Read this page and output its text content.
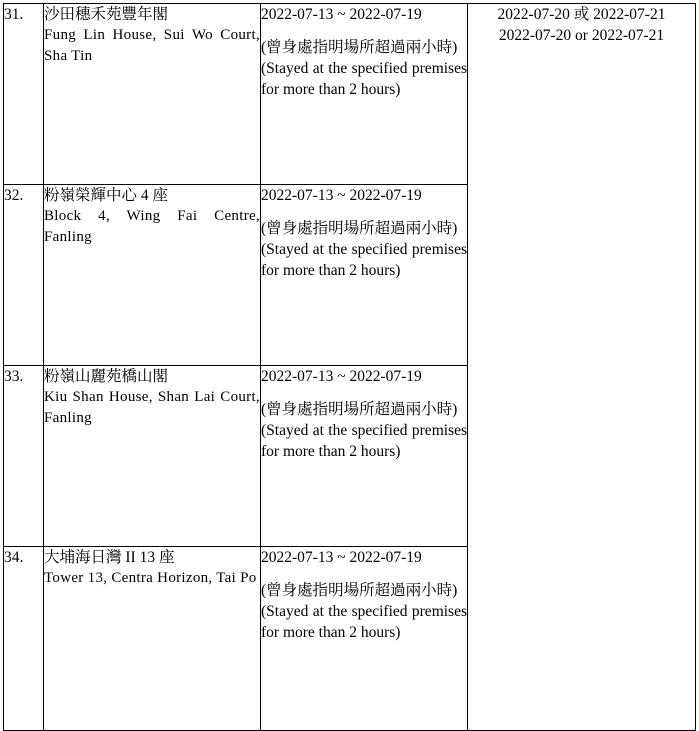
31.	沙田穗禾苑豐年閣
Fung Lin House, Sui Wo Court, Sha Tin	2022-07-13 ~ 2022-07-19
(曾身處指明場所超過兩小時)
(Stayed at the specified premises for more than 2 hours)	2022-07-20 或 2022-07-21
2022-07-20 or 2022-07-21

32.	粉嶺榮輝中心 4 座
Block 4, Wing Fai Centre, Fanling	2022-07-13 ~ 2022-07-19
(曾身處指明場所超過兩小時)
(Stayed at the specified premises for more than 2 hours)	

33.	粉嶺山麗苑橋山閣
Kiu Shan House, Shan Lai Court, Fanling	2022-07-13 ~ 2022-07-19
(曾身處指明場所超過兩小時)
(Stayed at the specified premises for more than 2 hours)	

34.	大埔海日灣 II 13 座
Tower 13, Centra Horizon, Tai Po	2022-07-13 ~ 2022-07-19
(曾身處指明場所超過兩小時)
(Stayed at the specified premises for more than 2 hours)	
